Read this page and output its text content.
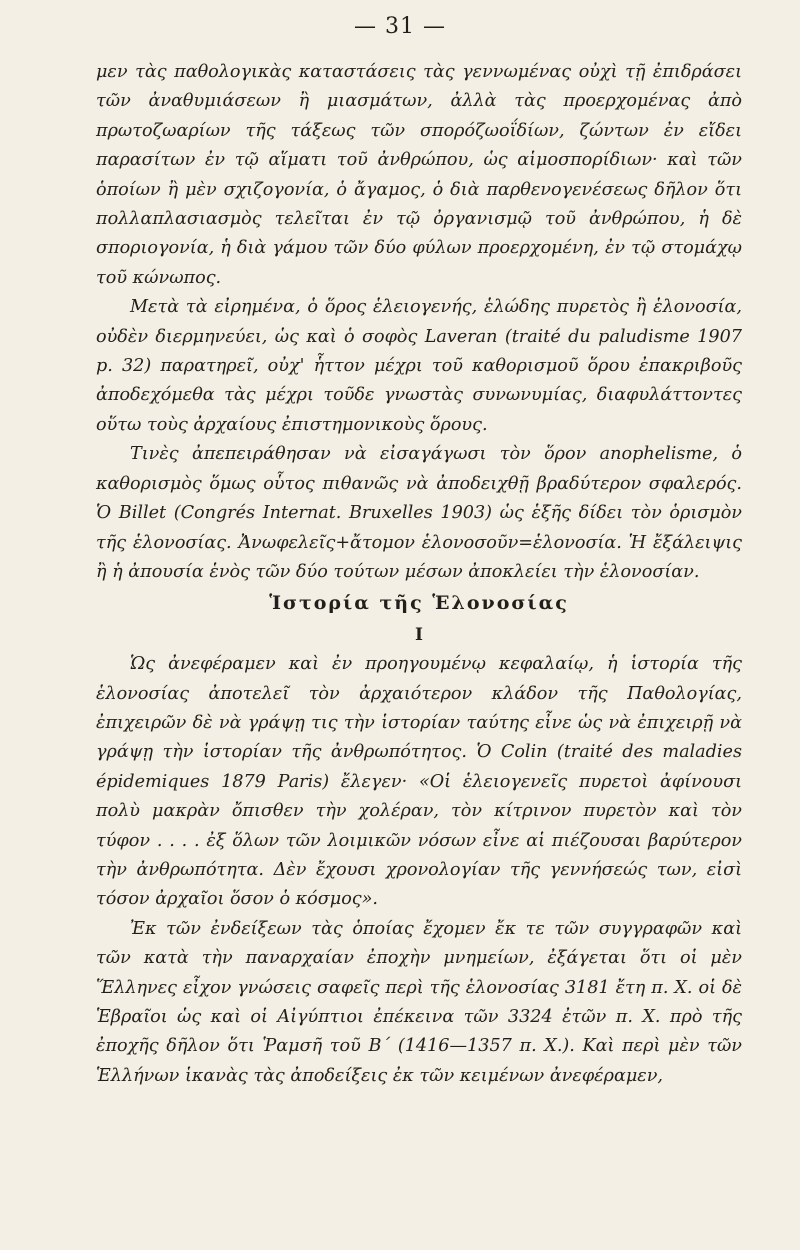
— 31 —

μεν τὰς παθολογικὰς καταστάσεις τὰς γεννωμένας οὐχὶ τῇ ἐπιδράσει τῶν ἀναθυμιάσεων ἢ μιασμάτων, ἀλλὰ τὰς προερχομένας ἀπὸ πρωτοζωαρίων τῆς τάξεως τῶν σπορόζωοΐδίων, ζώντων ἐν εἴδει παρασίτων ἐν τῷ αἵματι τοῦ ἀνθρώπου, ὡς αἱμοσπορίδιων· καὶ τῶν ὁποίων ἢ μὲν σχιζογονία, ὁ ἄγαμος, ὁ διὰ παρθενογενέσεως δῆλον ὅτι πολλαπλασιασμὸς τελεῖται ἐν τῷ ὀργανισμῷ τοῦ ἀνθρώπου, ἡ δὲ σποριογονία, ἡ διὰ γάμου τῶν δύο φύλων προερχομένη, ἐν τῷ στομάχῳ τοῦ κώνωπος.

Μετὰ τὰ εἰρημένα, ὁ ὅρος ἑλειογενής, ἑλώδης πυρετὸς ἢ ἑλονοσία, οὐδὲν διερμηνεύει, ὡς καὶ ὁ σοφὸς Laveran (traité du paludisme 1907 p. 32) παρατηρεῖ, οὐχ' ἧττον μέχρι τοῦ καθορισμοῦ ὅρου ἐπακριβοῦς ἀποδεχόμεθα τὰς μέχρι τοῦδε γνωστὰς συνωνυμίας, διαφυλάττοντες οὕτω τοὺς ἀρχαίους ἐπιστημονικοὺς ὅρους.

Τινὲς ἀπεπειράθησαν νὰ εἰσαγάγωσι τὸν ὅρον anophelisme, ὁ καθορισμὸς ὅμως οὗτος πιθανῶς νὰ ἀποδειχθῇ βραδύτερον σφαλερός. Ὁ Billet (Congrés Internat. Bruxelles 1903) ὡς ἑξῆς δίδει τὸν ὁρισμὸν τῆς ἑλονοσίας. Ἀνωφελεῖς+ἄτομον ἑλονοσοῦν=ἑλονοσία. Ἡ ἔξάλειψις ἢ ἡ ἀπουσία ἑνὸς τῶν δύο τούτων μέσων ἀποκλείει τὴν ἑλονοσίαν.

Ἱστορία τῆς Ἑλονοσίας
I

Ὡς ἀνεφέραμεν καὶ ἐν προηγουμένῳ κεφαλαίῳ, ἡ ἱστορία τῆς ἑλονοσίας ἀποτελεῖ τὸν ἀρχαιότερον κλάδον τῆς Παθολογίας, ἐπιχειρῶν δὲ νὰ γράψῃ τις τὴν ἱστορίαν ταύτης εἶνε ὡς νὰ ἐπιχειρῇ νὰ γράψῃ τὴν ἱστορίαν τῆς ἀνθρωπότητος. Ὁ Colin (traité des maladies épidemiques 1879 Paris) ἔλεγεν· «Οἱ ἑλειογενεῖς πυρετοὶ ἀφίνουσι πολὺ μακρὰν ὄπισθεν τὴν χολέραν, τὸν κίτρινον πυρετὸν καὶ τὸν τύφον . . . . ἐξ ὅλων τῶν λοιμικῶν νόσων εἶνε αἱ πιέζουσαι βαρύτερον τὴν ἀνθρωπότητα. Δὲν ἔχουσι χρονολογίαν τῆς γεννήσεώς των, εἰσὶ τόσον ἀρχαῖοι ὅσον ὁ κόσμος».

Ἐκ τῶν ἐνδείξεων τὰς ὁποίας ἔχομεν ἔκ τε τῶν συγγραφῶν καὶ τῶν κατὰ τὴν παναρχαίαν ἐποχὴν μνημείων, ἐξάγεται ὅτι οἱ μὲν Ἕλληνες εἶχον γνώσεις σαφεῖς περὶ τῆς ἑλονοσίας 3181 ἔτη π. Χ. οἱ δὲ Ἑβραῖοι ὡς καὶ οἱ Αἰγύπτιοι ἐπέκεινα τῶν 3324 ἐτῶν π. Χ. πρὸ τῆς ἐποχῆς δῆλον ὅτι Ῥαμσῆ τοῦ Β΄ (1416—1357 π. Χ.). Καὶ περὶ μὲν τῶν Ἑλλήνων ἱκανὰς τὰς ἀποδείξεις ἐκ τῶν κειμένων ἀνεφέραμεν,
